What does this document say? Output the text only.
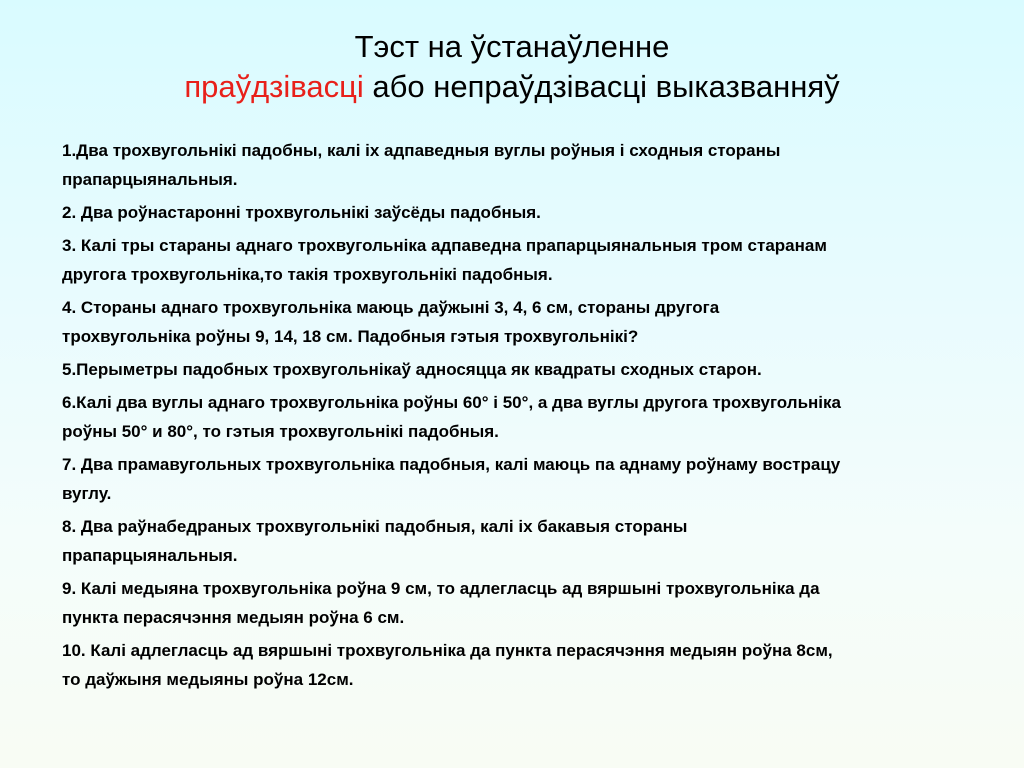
Тэст на ўстанаўленне
праўдзівасці або непраўдзівасці выказванняў
1.Два трохвугольнікі падобны, калі іх адпаведныя вуглы роўныя і сходныя стораны
прапарцыянальныя.
2. Два роўнастаронні трохвугольнікі заўсёды падобныя.
3. Калі тры стараны аднаго трохвугольніка адпаведна прапарцыянальныя тром старанам
другога трохвугольніка,то такія трохвугольнікі падобныя.
4. Стораны аднаго трохвугольніка маюць даўжыні 3, 4, 6 см, стораны другога
трохвугольніка роўны 9, 14, 18 см. Падобныя гэтыя трохвугольнікі?
5.Перыметры падобных трохвугольнікаў адносяцца як квадраты сходных старон.
6.Калі два вуглы аднаго трохвугольніка роўны 60° і 50°, а два вуглы другога трохвугольніка
роўны 50° и 80°, то гэтыя трохвугольнікі падобныя.
7. Два прамавугольных трохвугольніка падобныя, калі маюць па аднаму роўнаму вострацу
вуглу.
8. Два раўнабедраных трохвугольнікі падобныя, калі іх бакавыя стораны
прапарцыянальныя.
9. Калі медыяна трохвугольніка роўна 9 см, то адлегласць ад вяршыні трохвугольніка да
пункта перасячэння медыян роўна 6 см.
10. Калі адлегласць ад вяршыні трохвугольніка да пункта перасячэння медыян роўна 8см,
то даўжыня медыяны роўна 12см.
